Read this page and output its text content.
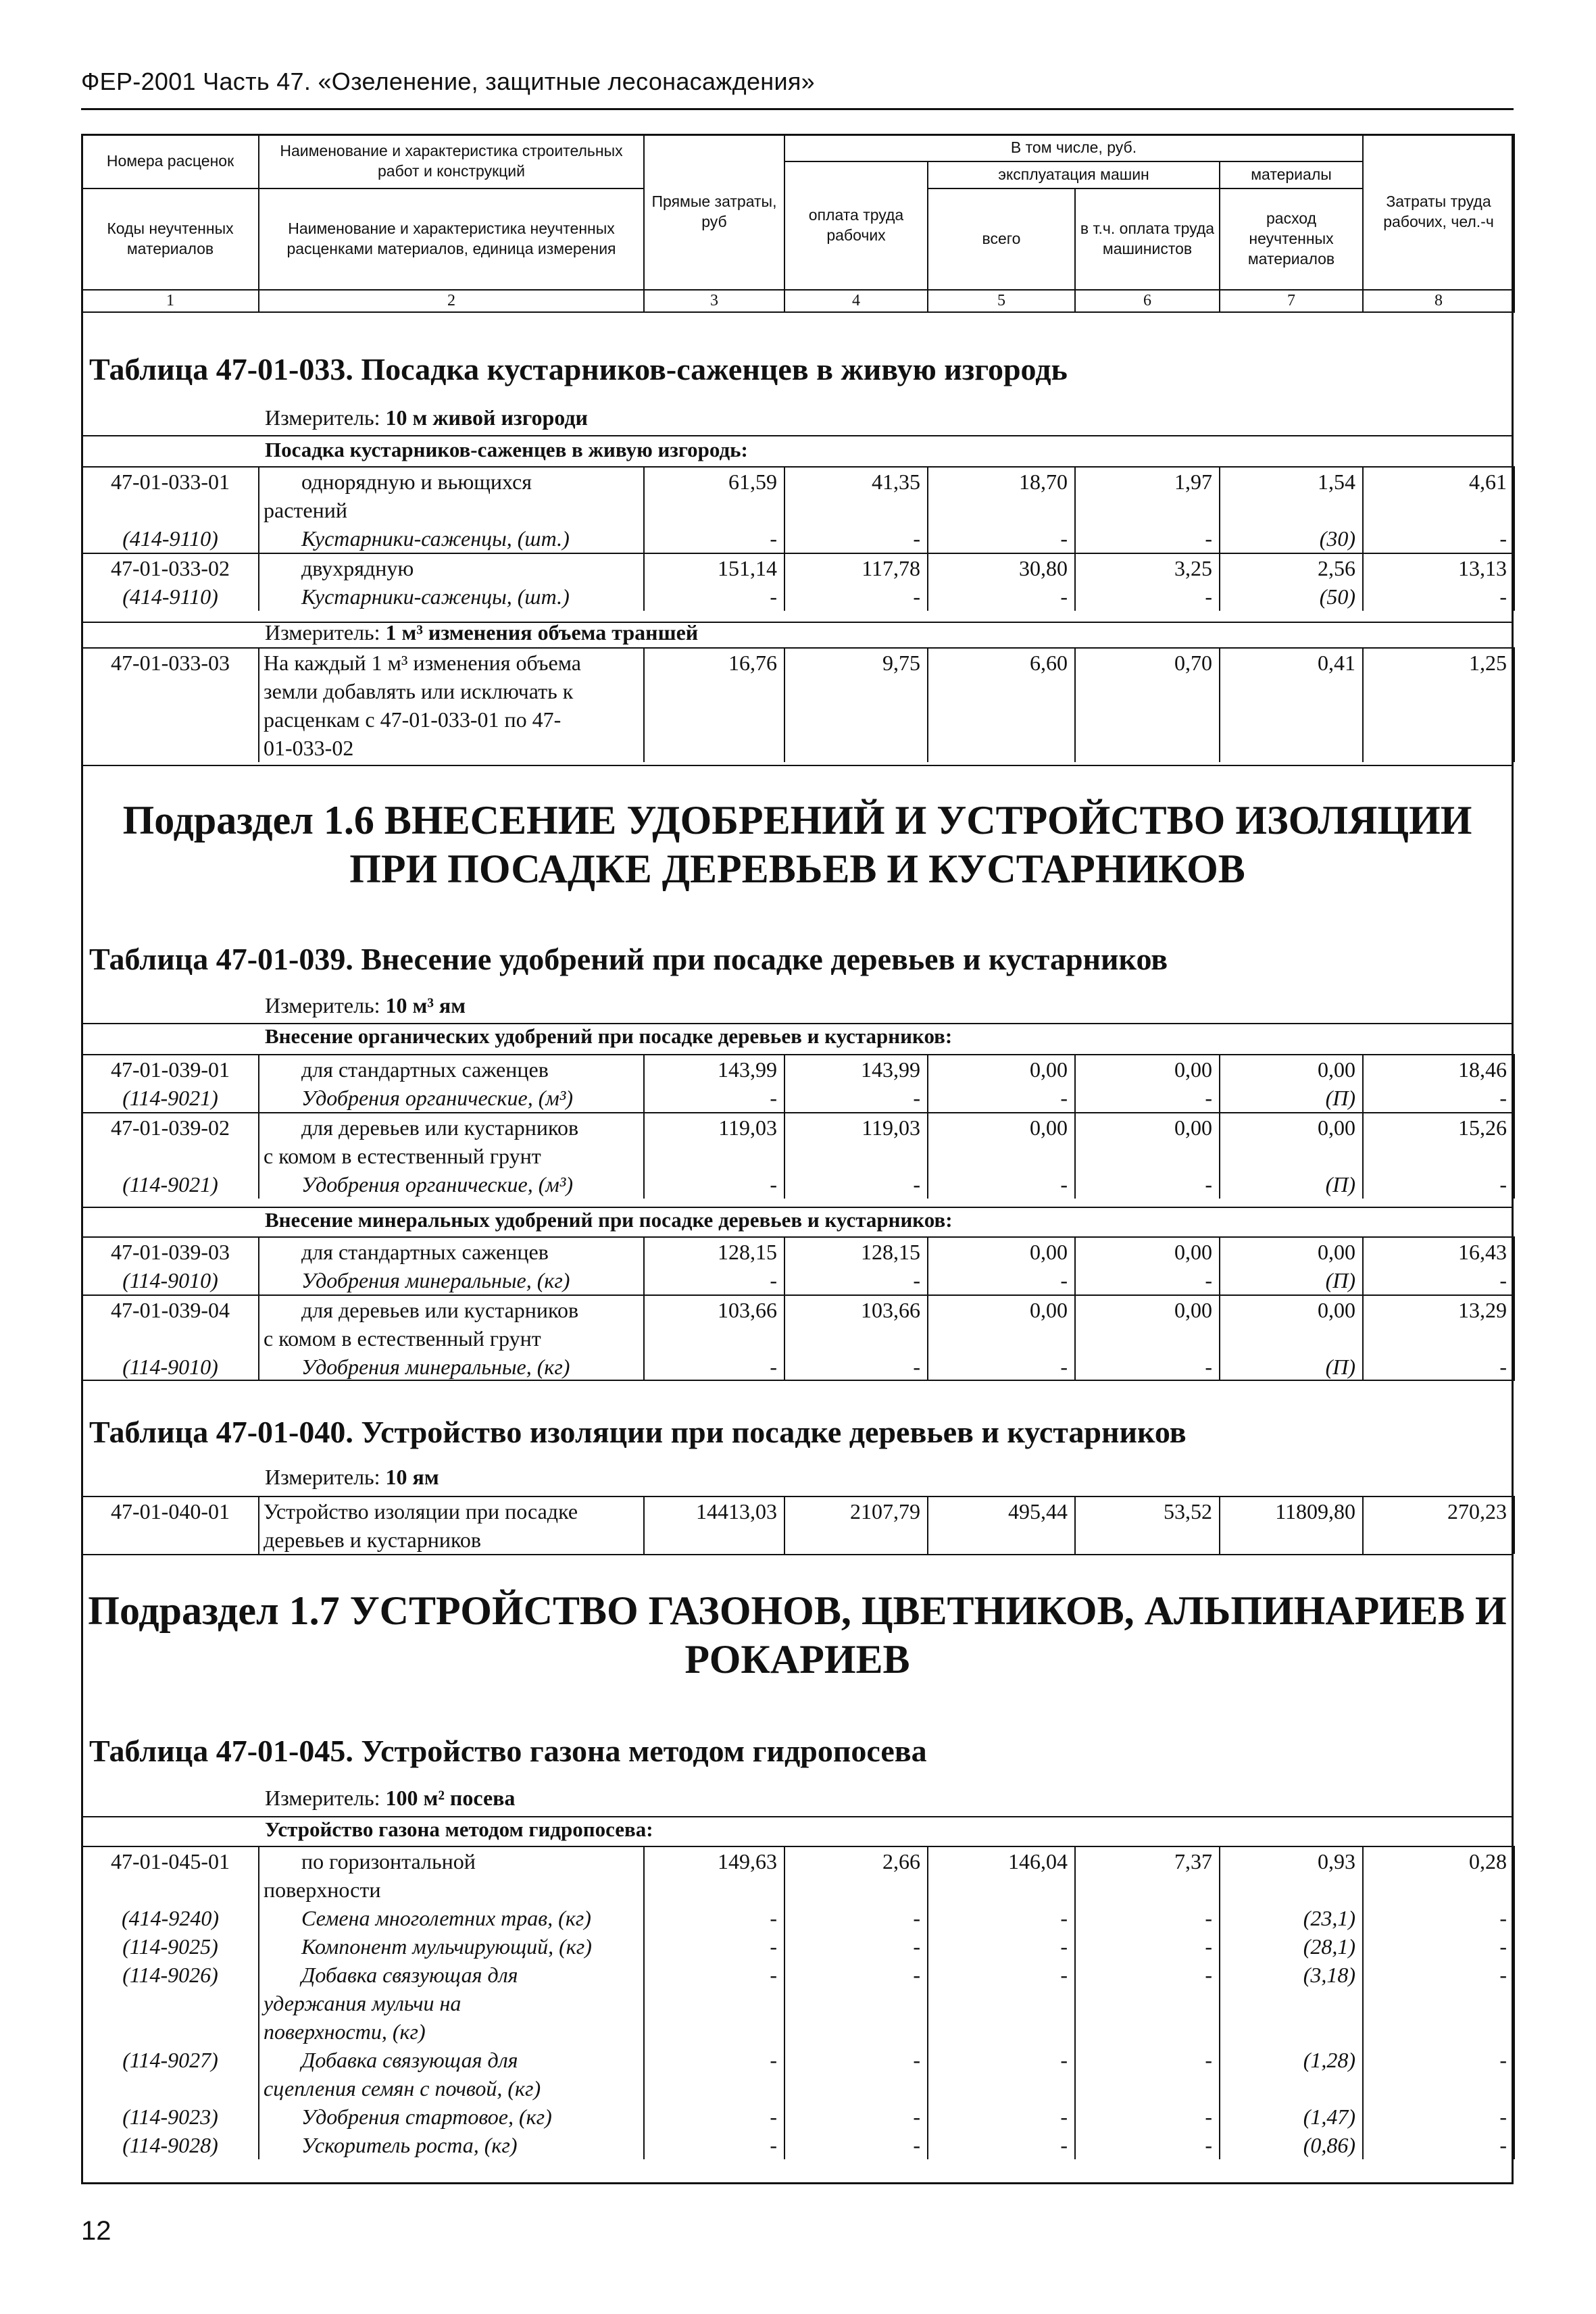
ФЕР-2001 Часть 47. «Озеленение, защитные лесонасаждения»
Номера расценок	Наименование и характеристика строительных работ и конструкций	Прямые затраты, руб	В том числе, руб.				Затраты труда рабочих, чел.-ч
			оплата труда рабочих	эксплуатация машин		материалы	
Коды неучтенных материалов	Наименование и характеристика неучтенных расценками материалов, единица измерения			всего	в т.ч. оплата труда машинистов	расход неучтенных материалов	
1	2	3	4	5	6	7	8
Таблица 47-01-033. Посадка кустарников-саженцев в живую изгородь
Измеритель: 10 м живой изгороди
Посадка кустарников-саженцев в живую изгородь:
47-01-033-01	однорядную и вьющихся
растений	61,59	41,35	18,70	1,97	1,54	4,61
(414-9110)	Кустарники-саженцы, (шт.)	-	-	-	-	(30)	-
47-01-033-02	двухрядную	151,14	117,78	30,80	3,25	2,56	13,13
(414-9110)	Кустарники-саженцы, (шт.)	-	-	-	-	(50)	-
Измеритель: 1 м³ изменения объема траншей
47-01-033-03	На каждый 1 м³ изменения объема
земли добавлять или исключать к
расценкам с 47-01-033-01 по 47-
01-033-02
	16,76	9,75	6,60	0,70	0,41	1,25
Подраздел 1.6 ВНЕСЕНИЕ УДОБРЕНИЙ И УСТРОЙСТВО ИЗОЛЯЦИИ
ПРИ ПОСАДКЕ ДЕРЕВЬЕВ И КУСТАРНИКОВ
Таблица 47-01-039. Внесение удобрений при посадке деревьев и кустарников
Измеритель: 10 м³ ям
Внесение органических удобрений при посадке деревьев и кустарников:
47-01-039-01	для стандартных саженцев	143,99	143,99	0,00	0,00	0,00	18,46
(114-9021)	Удобрения органические, (м³)	-	-	-	-	(П)	-
47-01-039-02	для деревьев или кустарников
с комом в естественный грунт	119,03	119,03	0,00	0,00	0,00	15,26
(114-9021)	Удобрения органические, (м³)	-	-	-	-	(П)	-
Внесение минеральных удобрений при посадке деревьев и кустарников:
47-01-039-03	для стандартных саженцев	128,15	128,15	0,00	0,00	0,00	16,43
(114-9010)	Удобрения минеральные, (кг)	-	-	-	-	(П)	-
47-01-039-04	для деревьев или кустарников
с комом в естественный грунт	103,66	103,66	0,00	0,00	0,00	13,29
(114-9010)	Удобрения минеральные, (кг)	-	-	-	-	(П)	-
Таблица 47-01-040. Устройство изоляции при посадке деревьев и кустарников
Измеритель: 10 ям
47-01-040-01	Устройство изоляции при посадке
деревьев и кустарников
	14413,03	2107,79	495,44	53,52	11809,80	270,23
Подраздел 1.7 УСТРОЙСТВО ГАЗОНОВ, ЦВЕТНИКОВ, АЛЬПИНАРИЕВ И
РОКАРИЕВ
Таблица 47-01-045. Устройство газона методом гидропосева
Измеритель: 100 м² посева
Устройство газона методом гидропосева:
47-01-045-01	по горизонтальной
поверхности	149,63	2,66	146,04	7,37	0,93	0,28
(414-9240)	Семена многолетних трав, (кг)	-	-	-	-	(23,1)	-
(114-9025)	Компонент мульчирующий, (кг)	-	-	-	-	(28,1)	-
(114-9026)	Добавка связующая для
удержания мульчи на
поверхности, (кг)	-	-	-	-	(3,18)	-
(114-9027)	Добавка связующая для
сцепления семян с почвой, (кг)	-	-	-	-	(1,28)	-
(114-9023)	Удобрения стартовое, (кг)	-	-	-	-	(1,47)	-
(114-9028)	Ускоритель роста, (кг)	-	-	-	-	(0,86)	-
12
